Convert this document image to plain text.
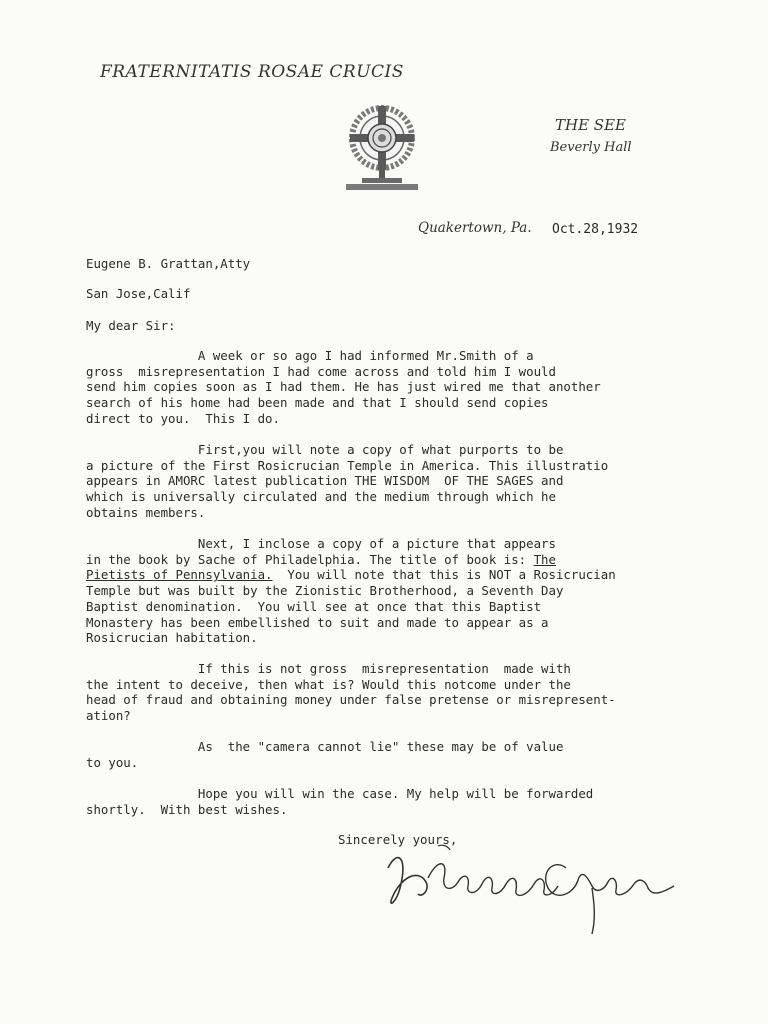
FRATERNITATIS ROSAE CRUCIS
THE SEE
Beverly Hall
Quakertown, Pa. Oct.28,1932
Eugene B. Grattan,Atty
San Jose,Calif
My dear Sir:
A week or so ago I had informed Mr.Smith of a
gross  misrepresentation I had come across and told him I would
send him copies soon as I had them. He has just wired me that another
search of his home had been made and that I should send copies
direct to you.  This I do.
First,you will note a copy of what purports to be
a picture of the First Rosicrucian Temple in America. This illustratio
appears in AMORC latest publication THE WISDOM  OF THE SAGES and
which is universally circulated and the medium through which he
obtains members.
Next, I inclose a copy of a picture that appears
in the book by Sache of Philadelphia. The title of book is: The
Pietists of Pennsylvania.  You will note that this is NOT a Rosicrucian
Temple but was built by the Zionistic Brotherhood, a Seventh Day
Baptist denomination.  You will see at once that this Baptist
Monastery has been embellished to suit and made to appear as a
Rosicrucian habitation.
If this is not gross  misrepresentation  made with
the intent to deceive, then what is? Would this notcome under the
head of fraud and obtaining money under false pretense or misrepresent-
ation?
As  the "camera cannot lie" these may be of value
to you.
Hope you will win the case. My help will be forwarded
shortly.  With best wishes.
Sincerely yours,
